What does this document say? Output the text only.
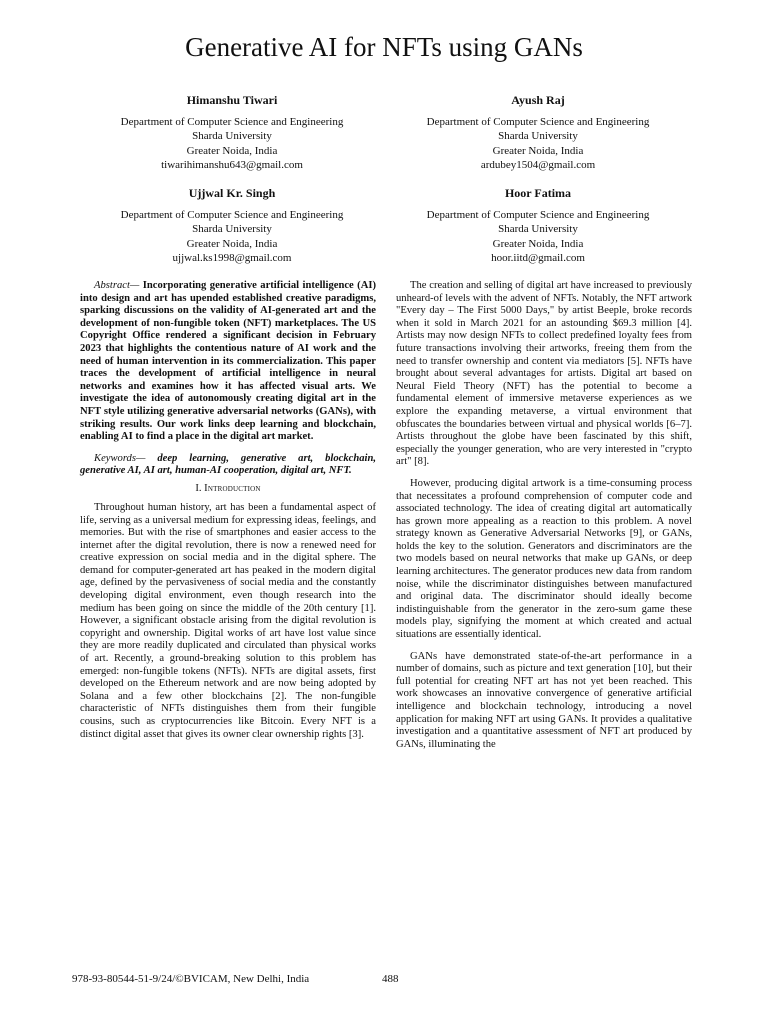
Generative AI for NFTs using GANs
Himanshu Tiwari
Department of Computer Science and Engineering
Sharda University
Greater Noida, India
tiwarihimanshu643@gmail.com
Ayush Raj
Department of Computer Science and Engineering
Sharda University
Greater Noida, India
ardubey1504@gmail.com
Ujjwal Kr. Singh
Department of Computer Science and Engineering
Sharda University
Greater Noida, India
ujjwal.ks1998@gmail.com
Hoor Fatima
Department of Computer Science and Engineering
Sharda University
Greater Noida, India
hoor.iitd@gmail.com

Abstract— Incorporating generative artificial intelligence (AI) into design and art has upended established creative paradigms, sparking discussions on the validity of AI-generated art and the development of non-fungible token (NFT) marketplaces. The US Copyright Office rendered a significant decision in February 2023 that highlights the contentious nature of AI work and the need of human intervention in its commercialization. This paper traces the development of artificial intelligence in neural networks and examines how it has affected visual arts. We investigate the idea of autonomously creating digital art in the NFT style utilizing generative adversarial networks (GANs), with striking results. Our work links deep learning and blockchain, enabling AI to find a place in the digital art market.

Keywords— deep learning, generative art, blockchain, generative AI, AI art, human-AI cooperation, digital art, NFT.

I. Introduction

Throughout human history, art has been a fundamental aspect of life, serving as a universal medium for expressing ideas, feelings, and memories. But with the rise of smartphones and easier access to the internet after the digital revolution, there is now a renewed need for creative expression on social media and in the digital sphere. The demand for computer-generated art has peaked in the modern digital age, defined by the pervasiveness of social media and the constantly developing digital environment, even though research into the medium has been going on since the middle of the 20th century [1]. However, a significant obstacle arising from the digital revolution is copyright and ownership. Digital works of art have lost value since they are more readily duplicated and circulated than physical works of art. Recently, a ground-breaking solution to this problem has emerged: non-fungible tokens (NFTs). NFTs are digital assets, first developed on the Ethereum network and are now being adopted by Solana and a few other blockchains [2]. The non-fungible characteristic of NFTs distinguishes them from their fungible cousins, such as cryptocurrencies like Bitcoin. Every NFT is a distinct digital asset that gives its owner clear ownership rights [3].

The creation and selling of digital art have increased to previously unheard-of levels with the advent of NFTs. Notably, the NFT artwork "Every day – The First 5000 Days," by artist Beeple, broke records when it sold in March 2021 for an astounding $69.3 million [4]. Artists may now design NFTs to collect predefined loyalty fees from future transactions involving their artworks, freeing them from the need to transfer ownership and content via mediators [5]. NFTs have brought about several advantages for artists. Digital art based on Neural Field Theory (NFT) has the potential to become a fundamental element of immersive metaverse experiences as we explore the expanding metaverse, a virtual environment that obfuscates the boundaries between virtual and physical worlds [6–7]. Artists throughout the globe have been fascinated by this shift, especially the younger generation, who are very interested in "crypto art" [8].

However, producing digital artwork is a time-consuming process that necessitates a profound comprehension of computer code and associated technology. The idea of creating digital art automatically has grown more appealing as a reaction to this problem. A novel strategy known as Generative Adversarial Networks [9], or GANs, holds the key to the solution. Generators and discriminators are the two models based on neural networks that make up GANs, or deep learning architectures. The generator produces new data from random noise, while the discriminator distinguishes between manufactured and original data. The discriminator should ideally become indistinguishable from the generator in the zero-sum game these models play, signifying the moment at which created and actual situations are essentially identical.

GANs have demonstrated state-of-the-art performance in a number of domains, such as picture and text generation [10], but their full potential for creating NFT art has not yet been reached. This work showcases an innovative convergence of generative artificial intelligence and blockchain technology, introducing a novel application for making NFT art using GANs. It provides a qualitative investigation and a quantitative assessment of NFT art produced by GANs, illuminating the

978-93-80544-51-9/24/©BVICAM, New Delhi, India	488
